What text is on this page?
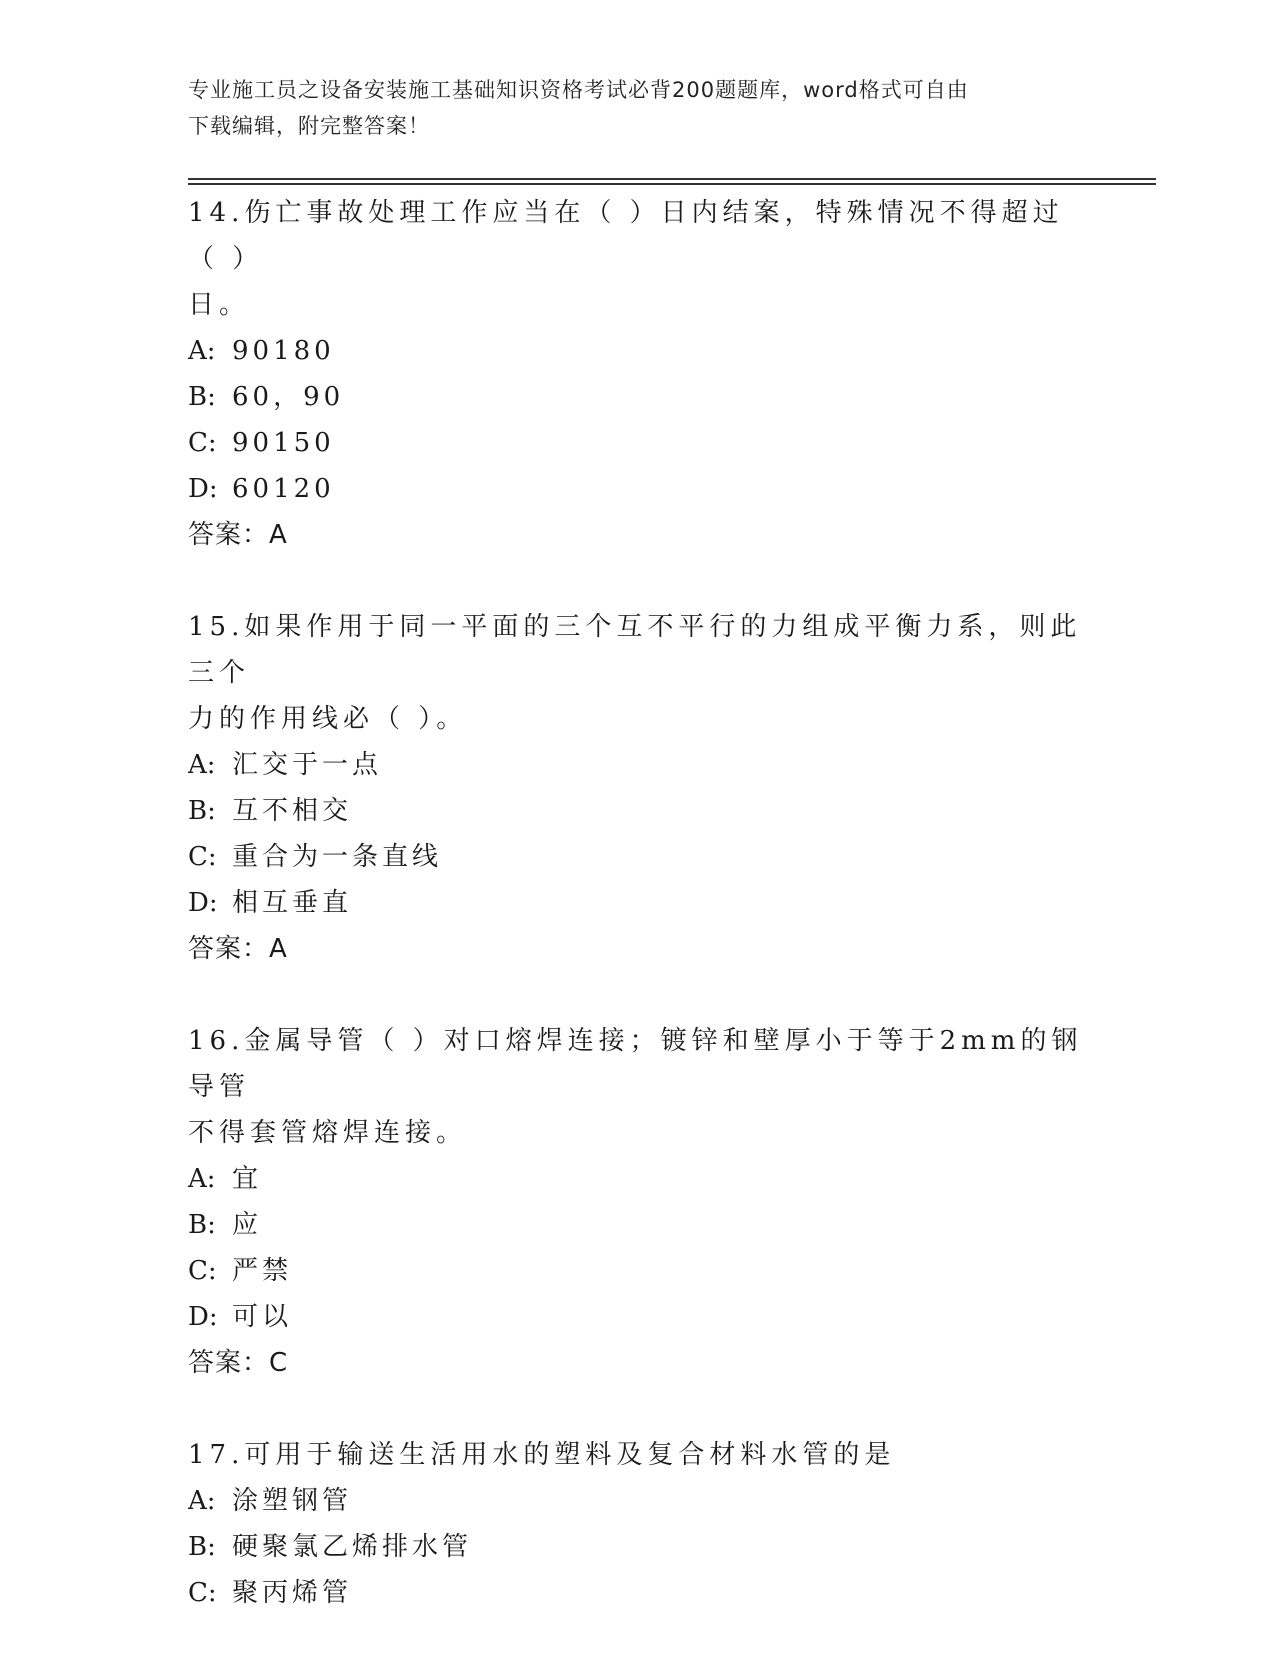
专业施工员之设备安装施工基础知识资格考试必背200题题库，word格式可自由
下载编辑，附完整答案！
14.伤亡事故处理工作应当在（ ）日内结案，特殊情况不得超过（ ）
日。
A: 90180
B: 60，90
C: 90150
D: 60120
答案：A
15.如果作用于同一平面的三个互不平行的力组成平衡力系，则此三个
力的作用线必（ ）。
A: 汇交于一点
B: 互不相交
C: 重合为一条直线
D: 相互垂直
答案：A
16.金属导管（ ）对口熔焊连接；镀锌和壁厚小于等于2mm的钢导管
不得套管熔焊连接。
A: 宜
B: 应
C: 严禁
D: 可以
答案：C
17.可用于输送生活用水的塑料及复合材料水管的是
A: 涂塑钢管
B: 硬聚氯乙烯排水管
C: 聚丙烯管
